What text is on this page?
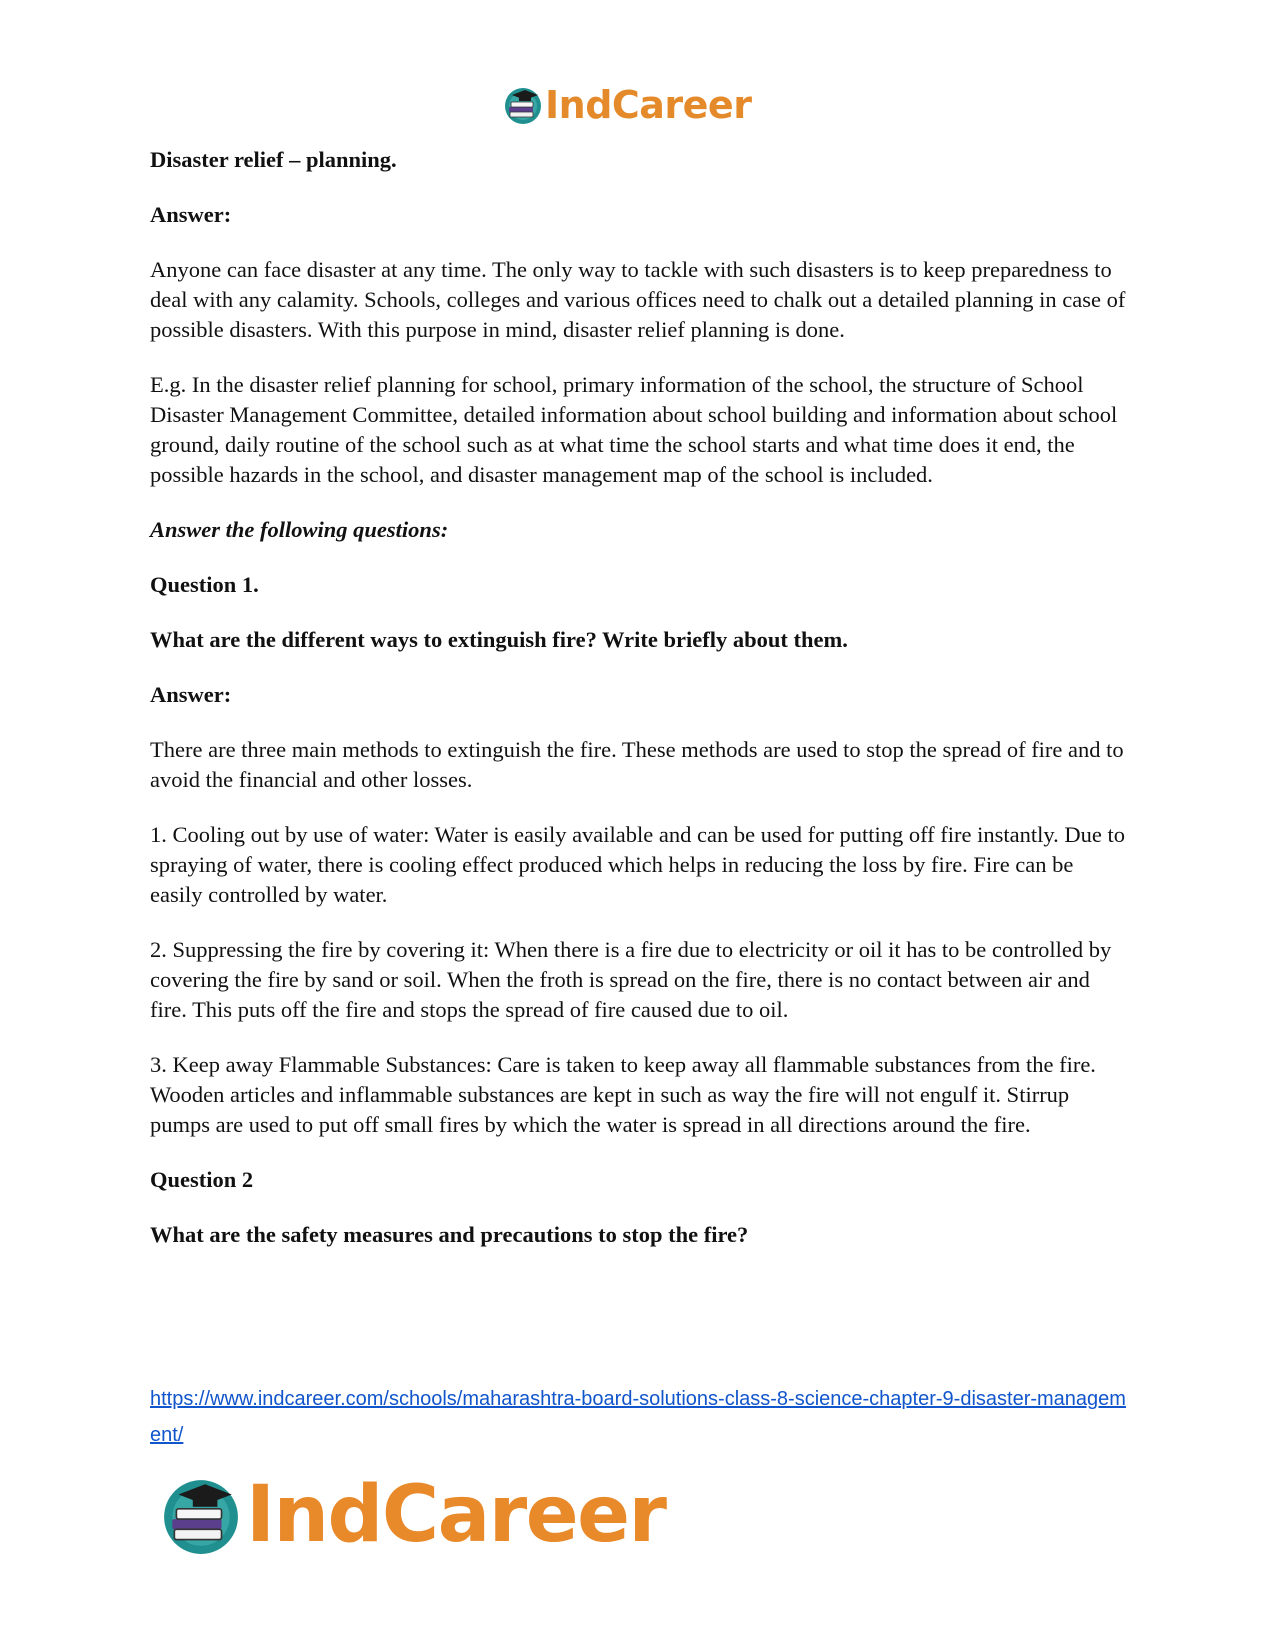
IndCareer

Disaster relief – planning.

Answer:

Anyone can face disaster at any time. The only way to tackle with such disasters is to keep preparedness to deal with any calamity. Schools, colleges and various offices need to chalk out a detailed planning in case of possible disasters. With this purpose in mind, disaster relief planning is done.

E.g. In the disaster relief planning for school, primary information of the school, the structure of School Disaster Management Committee, detailed information about school building and information about school ground, daily routine of the school such as at what time the school starts and what time does it end, the possible hazards in the school, and disaster management map of the school is included.

Answer the following questions:

Question 1.

What are the different ways to extinguish fire? Write briefly about them.

Answer:

There are three main methods to extinguish the fire. These methods are used to stop the spread of fire and to avoid the financial and other losses.

1. Cooling out by use of water: Water is easily available and can be used for putting off fire instantly. Due to spraying of water, there is cooling effect produced which helps in reducing the loss by fire. Fire can be easily controlled by water.

2. Suppressing the fire by covering it: When there is a fire due to electricity or oil it has to be controlled by covering the fire by sand or soil. When the froth is spread on the fire, there is no contact between air and fire. This puts off the fire and stops the spread of fire caused due to oil.

3. Keep away Flammable Substances: Care is taken to keep away all flammable substances from the fire. Wooden articles and inflammable substances are kept in such as way the fire will not engulf it. Stirrup pumps are used to put off small fires by which the water is spread in all directions around the fire.

Question 2

What are the safety measures and precautions to stop the fire?

https://www.indcareer.com/schools/maharashtra-board-solutions-class-8-science-chapter-9-disaster-management/
IndCareer
